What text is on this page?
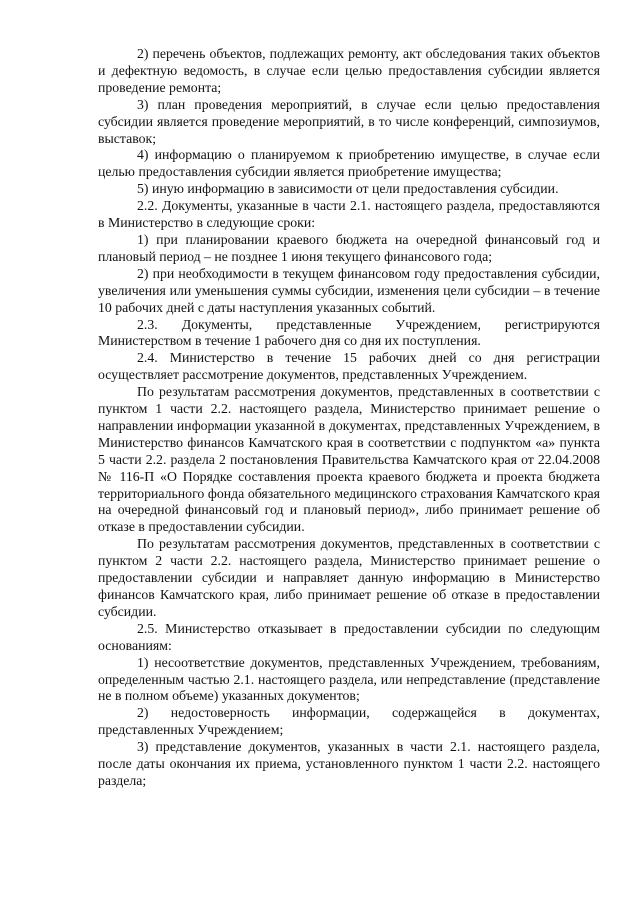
2) перечень объектов, подлежащих ремонту, акт обследования таких объектов и дефектную ведомость, в случае если целью предоставления субсидии является проведение ремонта;

3) план проведения мероприятий, в случае если целью предоставления субсидии является проведение мероприятий, в то числе конференций, симпозиумов, выставок;

4) информацию о планируемом к приобретению имуществе, в случае если целью предоставления субсидии является приобретение имущества;

5) иную информацию в зависимости от цели предоставления субсидии.

2.2. Документы, указанные в части 2.1. настоящего раздела, предоставляются в Министерство в следующие сроки:

1) при планировании краевого бюджета на очередной финансовый год и плановый период – не позднее 1 июня текущего финансового года;

2) при необходимости в текущем финансовом году предоставления субсидии, увеличения или уменьшения суммы субсидии, изменения цели субсидии – в течение 10 рабочих дней с даты наступления указанных событий.

2.3. Документы, представленные Учреждением, регистрируются Министерством в течение 1 рабочего дня со дня их поступления.

2.4. Министерство в течение 15 рабочих дней со дня регистрации осуществляет рассмотрение документов, представленных Учреждением.

По результатам рассмотрения документов, представленных в соответствии с пунктом 1 части 2.2. настоящего раздела, Министерство принимает решение о направлении информации указанной в документах, представленных Учреждением, в Министерство финансов Камчатского края в соответствии с подпунктом «а» пункта 5 части 2.2. раздела 2 постановления Правительства Камчатского края от 22.04.2008 № 116-П «О Порядке составления проекта краевого бюджета и проекта бюджета территориального фонда обязательного медицинского страхования Камчатского края на очередной финансовый год и плановый период», либо принимает решение об отказе в предоставлении субсидии.

По результатам рассмотрения документов, представленных в соответствии с пунктом 2 части 2.2. настоящего раздела, Министерство принимает решение о предоставлении субсидии и направляет данную информацию в Министерство финансов Камчатского края, либо принимает решение об отказе в предоставлении субсидии.

2.5. Министерство отказывает в предоставлении субсидии по следующим основаниям:

1) несоответствие документов, представленных Учреждением, требованиям, определенным частью 2.1. настоящего раздела, или непредставление (представление не в полном объеме) указанных документов;

2) недостоверность информации, содержащейся в документах, представленных Учреждением;

3) представление документов, указанных в части 2.1. настоящего раздела, после даты окончания их приема, установленного пунктом 1 части 2.2. настоящего раздела;
